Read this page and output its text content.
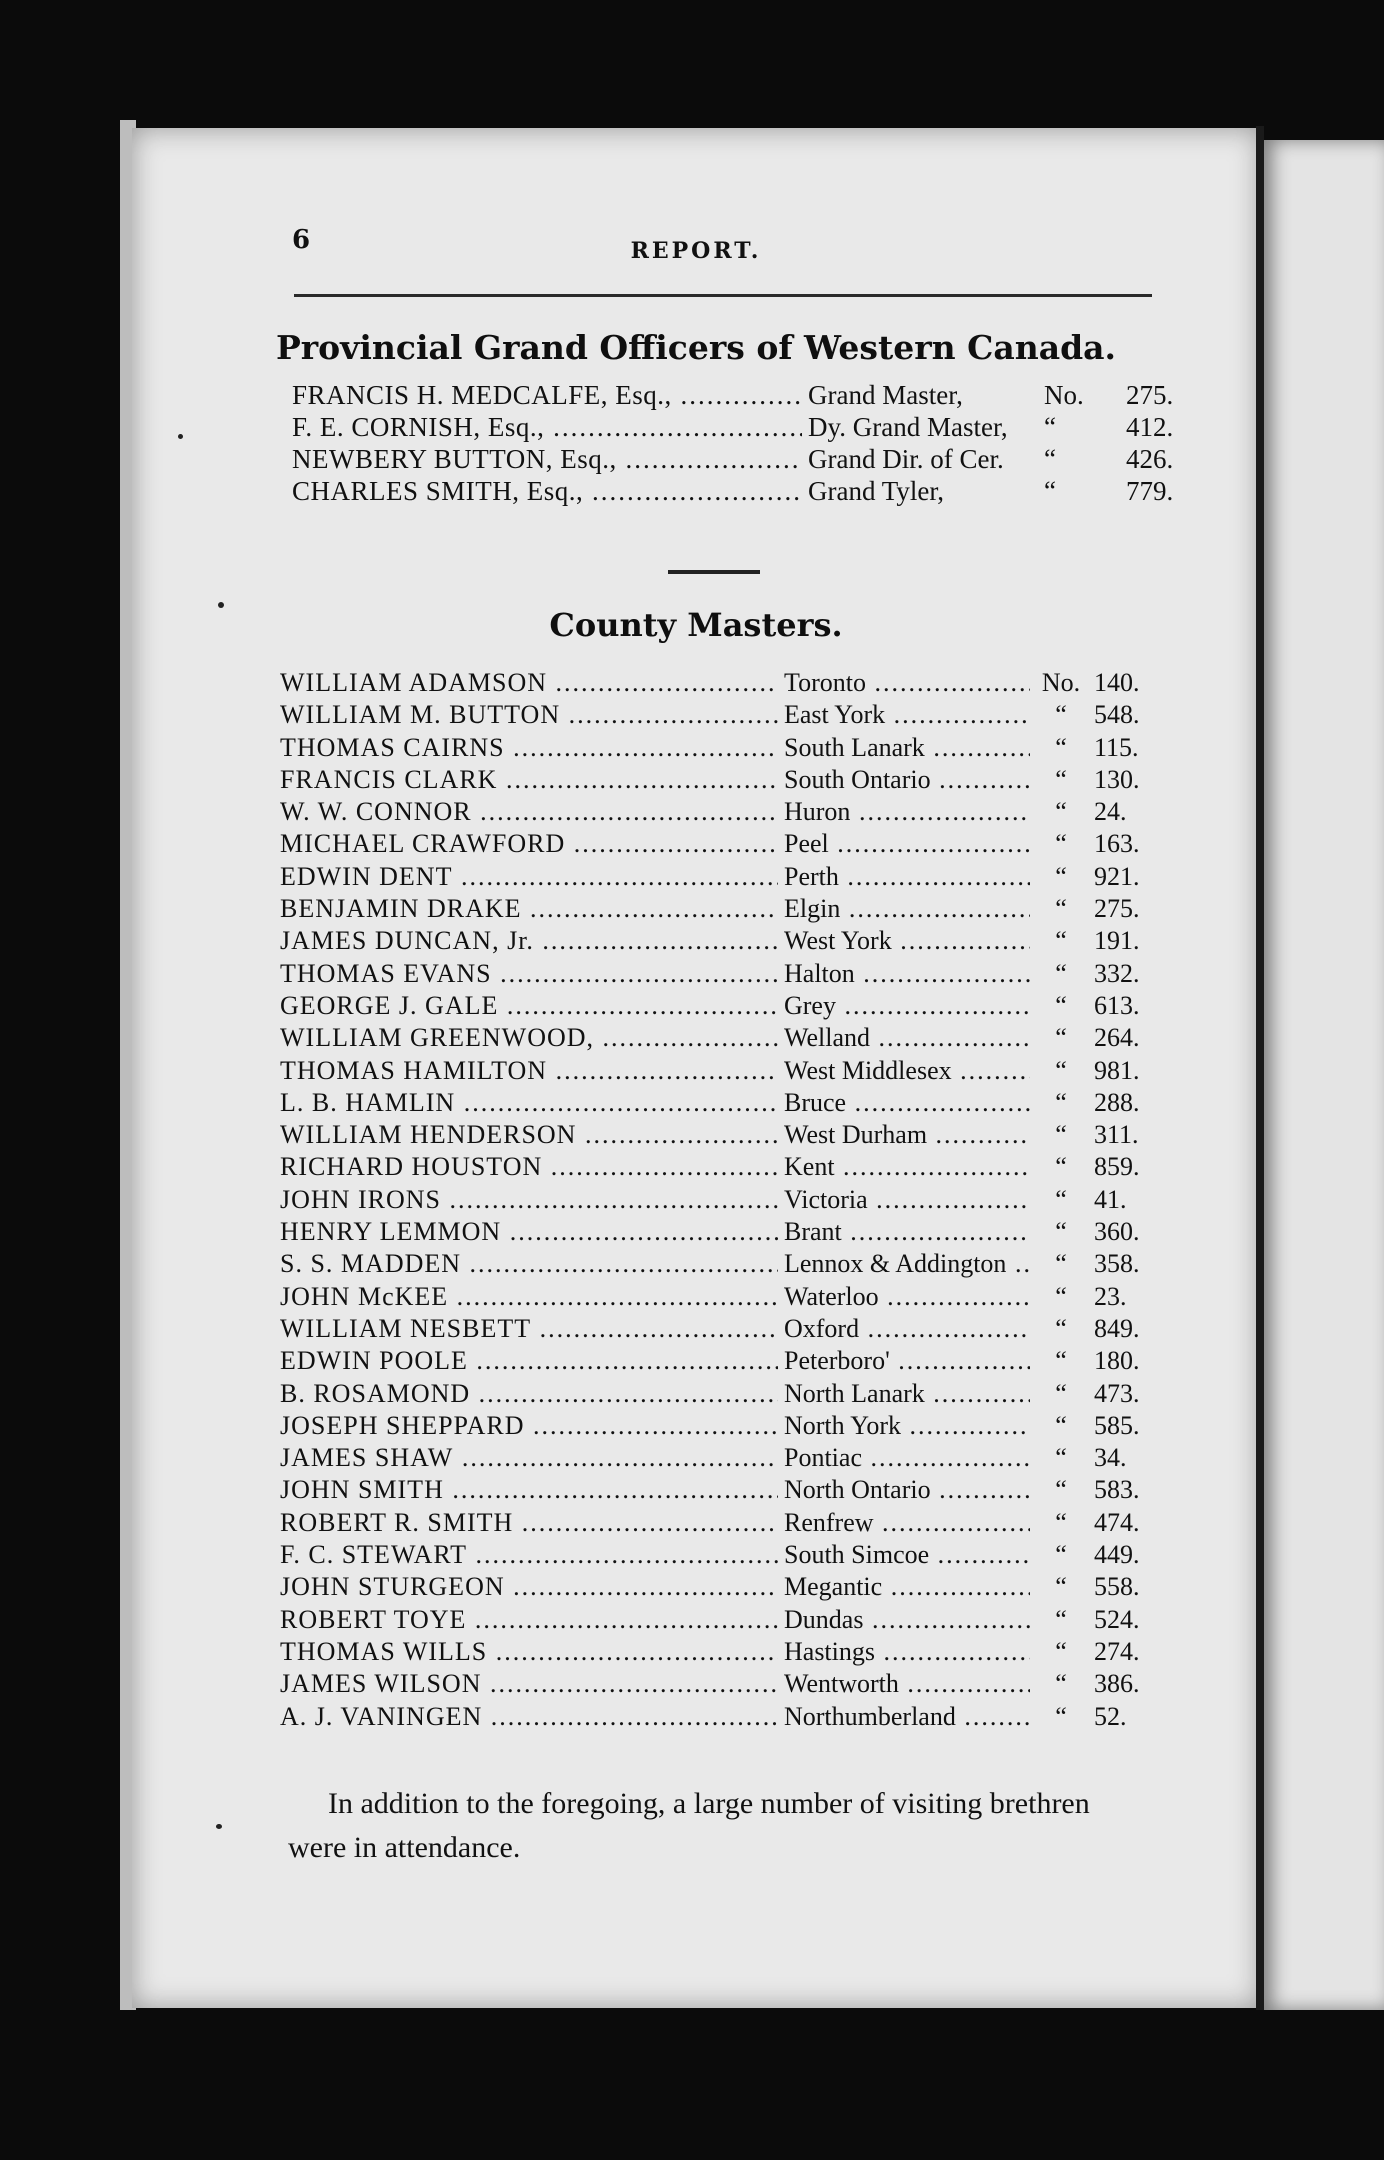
6	REPORT.
Provincial Grand Officers of Western Canada.
FRANCIS H. MEDCALFE, Esq., .....	Grand Master,	No.	275.
F. E. CORNISH, Esq., .....	Dy. Grand Master,	“	412.
NEWBERY BUTTON, Esq., .....	Grand Dir. of Cer.	“	426.
CHARLES SMITH, Esq., .....	Grand Tyler,	“	779.
County Masters.
WILLIAM ADAMSON .....	Toronto .....	No. 140.
WILLIAM M. BUTTON .....	East York .....	“	548.
THOMAS CAIRNS .....	South Lanark .....	“	115.
FRANCIS CLARK .....	South Ontario .....	“	130.
W. W. CONNOR .....	Huron .....	“	24.
MICHAEL CRAWFORD .....	Peel .....	“	163.
EDWIN DENT .....	Perth .....	“	921.
BENJAMIN DRAKE .....	Elgin .....	“	275.
JAMES DUNCAN, Jr. .....	West York .....	“	191.
THOMAS EVANS .....	Halton .....	“	332.
GEORGE J. GALE .....	Grey .....	“	613.
WILLIAM GREENWOOD, .....	Welland .....	“	264.
THOMAS HAMILTON .....	West Middlesex .....	“	981.
L. B. HAMLIN .....	Bruce .....	“	288.
WILLIAM HENDERSON .....	West Durham .....	“	311.
RICHARD HOUSTON .....	Kent .....	“	859.
JOHN IRONS .....	Victoria .....	“	41.
HENRY LEMMON .....	Brant .....	“	360.
S. S. MADDEN .....	Lennox & Addington .....	“	358.
JOHN McKEE .....	Waterloo .....	“	23.
WILLIAM NESBETT .....	Oxford .....	“	849.
EDWIN POOLE .....	Peterboro' .....	“	180.
B. ROSAMOND .....	North Lanark .....	“	473.
JOSEPH SHEPPARD .....	North York .....	“	585.
JAMES SHAW .....	Pontiac .....	“	34.
JOHN SMITH .....	North Ontario .....	“	583.
ROBERT R. SMITH .....	Renfrew .....	“	474.
F. C. STEWART .....	South Simcoe .....	“	449.
JOHN STURGEON .....	Megantic .....	“	558.
ROBERT TOYE .....	Dundas .....	“	524.
THOMAS WILLS .....	Hastings .....	“	274.
JAMES WILSON .....	Wentworth .....	“	386.
A. J. VANINGEN .....	Northumberland .....	“	52.

In addition to the foregoing, a large number of visiting brethren were in attendance.
